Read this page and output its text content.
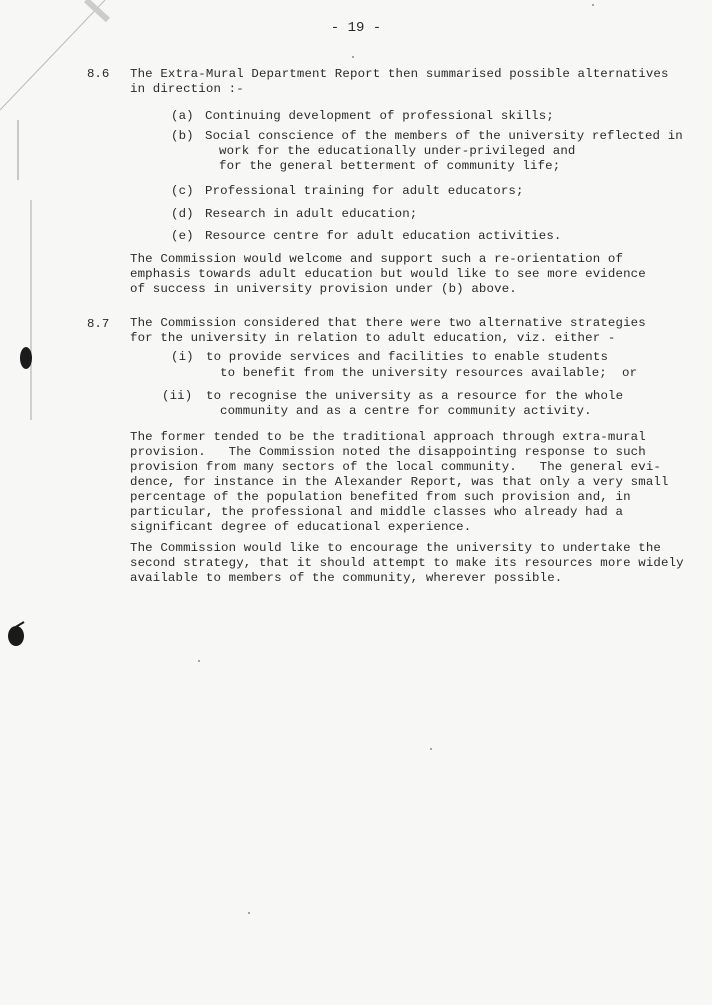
- 19 -
8.6 The Extra-Mural Department Report then summarised possible alternatives
in direction :-
(a) Continuing development of professional skills;
(b) Social conscience of the members of the university reflected in
work for the educationally under-privileged and
for the general betterment of community life;
(c) Professional training for adult educators;
(d) Research in adult education;
(e) Resource centre for adult education activities.
The Commission would welcome and support such a re-orientation of
emphasis towards adult education but would like to see more evidence
of success in university provision under (b) above.
8.7 The Commission considered that there were two alternative strategies
for the university in relation to adult education, viz. either -
(i) to provide services and facilities to enable students
to benefit from the university resources available;  or
(ii) to recognise the university as a resource for the whole
community and as a centre for community activity.
The former tended to be the traditional approach through extra-mural
provision.   The Commission noted the disappointing response to such
provision from many sectors of the local community.   The general evi-
dence, for instance in the Alexander Report, was that only a very small
percentage of the population benefited from such provision and, in
particular, the professional and middle classes who already had a
significant degree of educational experience.
The Commission would like to encourage the university to undertake the
second strategy, that it should attempt to make its resources more widely
available to members of the community, wherever possible.
